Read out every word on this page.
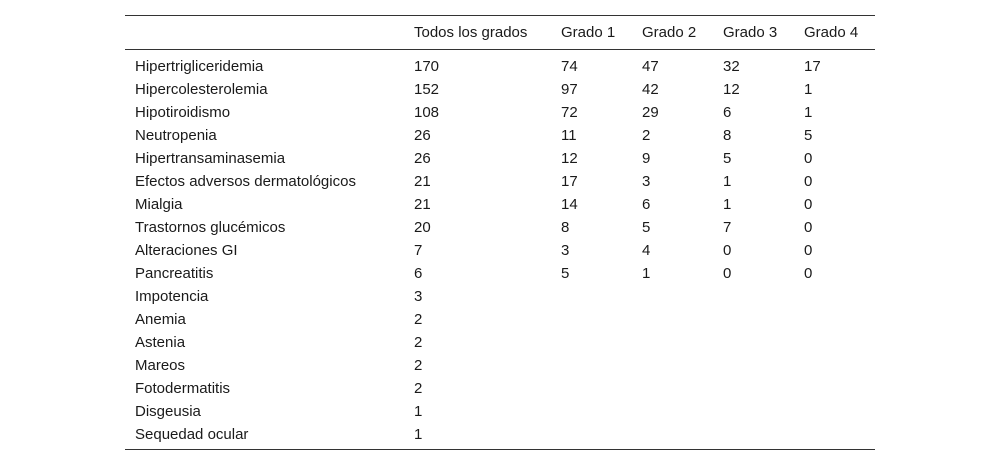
	Todos los grados	Grado 1	Grado 2	Grado 3	Grado 4

Hipertrigliceridemia	170	74	47	32	17
Hipercolesterolemia	152	97	42	12	1
Hipotiroidismo	108	72	29	6	1
Neutropenia	26	11	2	8	5
Hipertransaminasemia	26	12	9	5	0
Efectos adversos dermatológicos	21	17	3	1	0
Mialgia	21	14	6	1	0
Trastornos glucémicos	20	8	5	7	0
Alteraciones GI	7	3	4	0	0
Pancreatitis	6	5	1	0	0
Impotencia	3				
Anemia	2				
Astenia	2				
Mareos	2				
Fotodermatitis	2				
Disgeusia	1				
Sequedad ocular	1				
